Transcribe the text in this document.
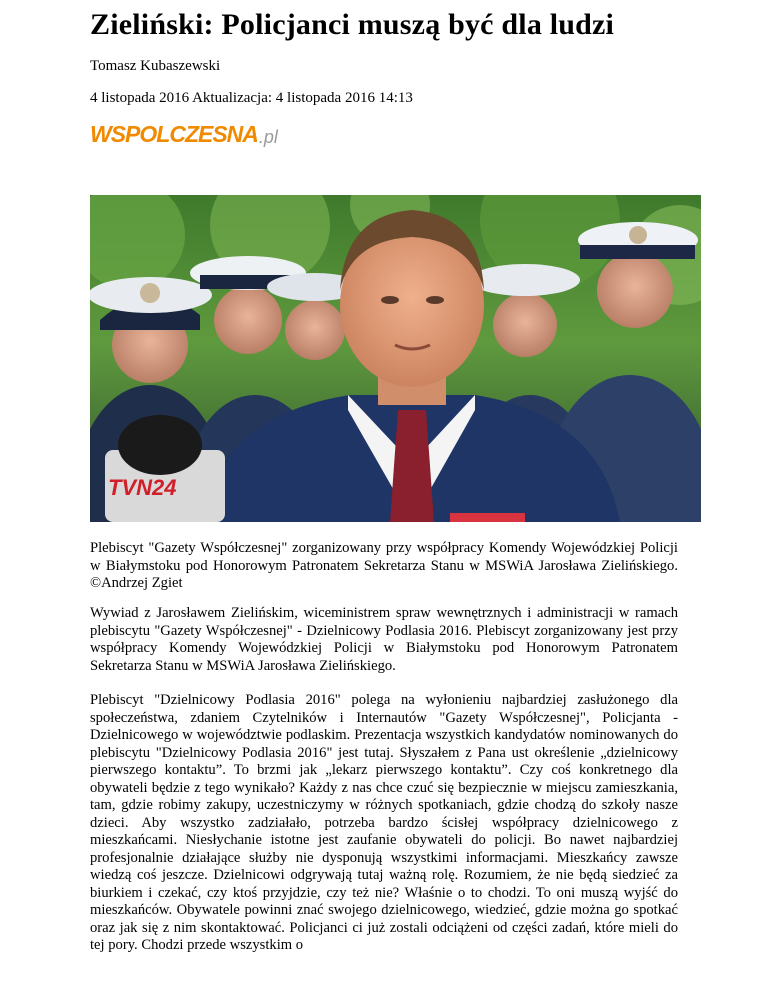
Zieliński: Policjanci muszą być dla ludzi
Tomasz Kubaszewski
4 listopada 2016 Aktualizacja: 4 listopada 2016 14:13
WSPOLCZESNA .pl
TVN24

Plebiscyt "Gazety Współczesnej" zorganizowany przy współpracy Komendy Wojewódzkiej Policji w Białymstoku pod Honorowym Patronatem Sekretarza Stanu w MSWiA Jarosława Zielińskiego. ©Andrzej Zgiet

Wywiad z Jarosławem Zielińskim, wiceministrem spraw wewnętrznych i administracji w ramach plebiscytu "Gazety Współczesnej" - Dzielnicowy Podlasia 2016. Plebiscyt zorganizowany jest przy współpracy Komendy Wojewódzkiej Policji w Białymstoku pod Honorowym Patronatem Sekretarza Stanu w MSWiA Jarosława Zielińskiego.

Plebiscyt "Dzielnicowy Podlasia 2016" polega na wyłonieniu najbardziej zasłużonego dla społeczeństwa, zdaniem Czytelników i Internautów "Gazety Współczesnej", Policjanta - Dzielnicowego w województwie podlaskim. Prezentacja wszystkich kandydatów nominowanych do plebiscytu "Dzielnicowy Podlasia 2016" jest tutaj. Słyszałem z Pana ust określenie „dzielnicowy pierwszego kontaktu”. To brzmi jak „lekarz pierwszego kontaktu”. Czy coś konkretnego dla obywateli będzie z tego wynikało? Każdy z nas chce czuć się bezpiecznie w miejscu zamieszkania, tam, gdzie robimy zakupy, uczestniczymy w różnych spotkaniach, gdzie chodzą do szkoły nasze dzieci. Aby wszystko zadziałało, potrzeba bardzo ścisłej współpracy dzielnicowego z mieszkańcami. Niesłychanie istotne jest zaufanie obywateli do policji. Bo nawet najbardziej profesjonalnie działające służby nie dysponują wszystkimi informacjami. Mieszkańcy zawsze wiedzą coś jeszcze. Dzielnicowi odgrywają tutaj ważną rolę. Rozumiem, że nie będą siedzieć za biurkiem i czekać, czy ktoś przyjdzie, czy też nie? Właśnie o to chodzi. To oni muszą wyjść do mieszkańców. Obywatele powinni znać swojego dzielnicowego, wiedzieć, gdzie można go spotkać oraz jak się z nim skontaktować. Policjanci ci już zostali odciążeni od części zadań, które mieli do tej pory. Chodzi przede wszystkim o
